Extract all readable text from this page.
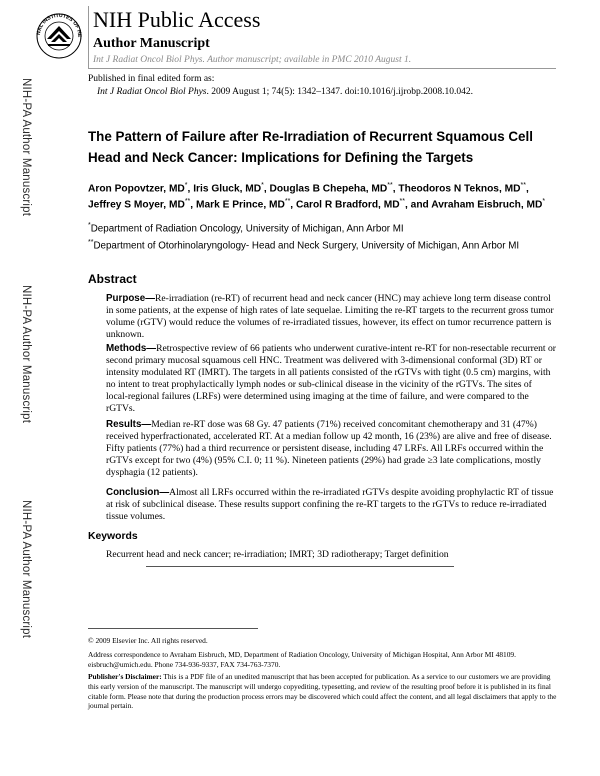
NIH-PA Author Manuscript
NIH-PA Author Manuscript
NIH-PA Author Manuscript
NAL INSTITUTES OF HE
NIH Public Access
Author Manuscript
Int J Radiat Oncol Biol Phys. Author manuscript; available in PMC 2010 August 1.
Published in final edited form as:
Int J Radiat Oncol Biol Phys. 2009 August 1; 74(5): 1342–1347. doi:10.1016/j.ijrobp.2008.10.042.
The Pattern of Failure after Re-Irradiation of Recurrent Squamous Cell Head and Neck Cancer: Implications for Defining the Targets
Aron Popovtzer, MD*, Iris Gluck, MD*, Douglas B Chepeha, MD**, Theodoros N Teknos, MD**, Jeffrey S Moyer, MD**, Mark E Prince, MD**, Carol R Bradford, MD**, and Avraham Eisbruch, MD*
*Department of Radiation Oncology, University of Michigan, Ann Arbor MI
**Department of Otorhinolaryngology- Head and Neck Surgery, University of Michigan, Ann Arbor MI
Abstract
Purpose—Re-irradiation (re-RT) of recurrent head and neck cancer (HNC) may achieve long term disease control in some patients, at the expense of high rates of late sequelae. Limiting the re-RT targets to the recurrent gross tumor volume (rGTV) would reduce the volumes of re-irradiated tissues, however, its effect on tumor recurrence pattern is unknown.
Methods—Retrospective review of 66 patients who underwent curative-intent re-RT for non-resectable recurrent or second primary mucosal squamous cell HNC. Treatment was delivered with 3-dimensional conformal (3D) RT or intensity modulated RT (IMRT). The targets in all patients consisted of the rGTVs with tight (0.5 cm) margins, with no intent to treat prophylactically lymph nodes or sub-clinical disease in the vicinity of the rGTVs. The sites of local-regional failures (LRFs) were determined using imaging at the time of failure, and were compared to the rGTVs.
Results—Median re-RT dose was 68 Gy. 47 patients (71%) received concomitant chemotherapy and 31 (47%) received hyperfractionated, accelerated RT. At a median follow up 42 month, 16 (23%) are alive and free of disease. Fifty patients (77%) had a third recurrence or persistent disease, including 47 LRFs. All LRFs occurred within the rGTVs except for two (4%) (95% C.I. 0; 11 %). Nineteen patients (29%) had grade ≥3 late complications, mostly dysphagia (12 patients).
Conclusion—Almost all LRFs occurred within the re-irradiated rGTVs despite avoiding prophylactic RT of tissue at risk of subclinical disease. These results support confining the re-RT targets to the rGTVs to reduce re-irradiated tissue volumes.
Keywords
Recurrent head and neck cancer; re-irradiation; IMRT; 3D radiotherapy; Target definition
© 2009 Elsevier Inc. All rights reserved.
Address correspondence to Avraham Eisbruch, MD, Department of Radiation Oncology, University of Michigan Hospital, Ann Arbor MI 48109. eisbruch@umich.edu. Phone 734-936-9337, FAX 734-763-7370.
Publisher's Disclaimer: This is a PDF file of an unedited manuscript that has been accepted for publication. As a service to our customers we are providing this early version of the manuscript. The manuscript will undergo copyediting, typesetting, and review of the resulting proof before it is published in its final citable form. Please note that during the production process errors may be discovered which could affect the content, and all legal disclaimers that apply to the journal pertain.
